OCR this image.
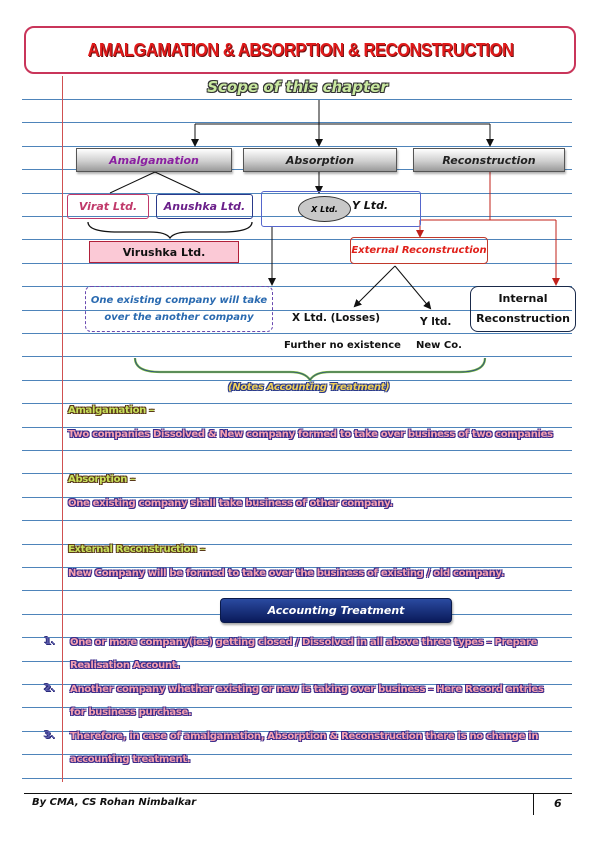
AMALGAMATION & ABSORPTION & RECONSTRUCTION
Scope of this chapter
Amalgamation	Absorption	Reconstruction
Virat Ltd.	Anushka Ltd.
Virushka Ltd.
X Ltd.	Y Ltd.
One existing company will take
over the another company
External Reconstruction
Internal
Reconstruction
X Ltd. (Losses)	Y ltd.
Further no existence New Co.
(Notes Accounting Treatment)
Amalgamation –
Two companies Dissolved & New company formed to take over business of two companies
Absorption –
One existing company shall take business of other company.
External Reconstruction –
New Company will be formed to take over the business of existing / old company.
Accounting Treatment
1. One or more company(ies) getting closed / Dissolved in all above three types – Prepare
Realisation Account.
2. Another company whether existing or new is taking over business – Here Record entries
for business purchase.
3. Therefore, in case of amalgamation, Absorption & Reconstruction there is no change in
accounting treatment.
By CMA, CS Rohan Nimbalkar	6
